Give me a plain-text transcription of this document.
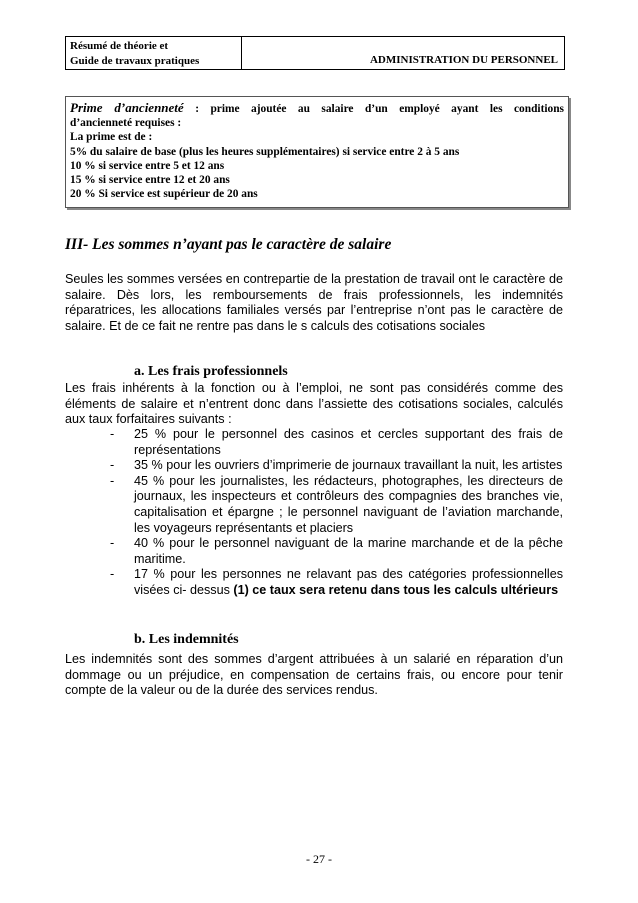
Résumé de théorie et
Guide de travaux pratiques	ADMINISTRATION DU PERSONNEL
Prime d’ancienneté : prime ajoutée au salaire d’un employé ayant les conditions
d’ancienneté requises :
La prime est de :
5% du salaire de base (plus les heures supplémentaires) si service entre 2 à 5 ans
10 % si service entre 5 et 12 ans
15 % si service entre 12 et 20 ans
20 % Si service est supérieur de 20 ans
III- Les sommes n’ayant pas le caractère de salaire

Seules les sommes versées en contrepartie de la prestation de travail ont le caractère de salaire. Dès lors, les remboursements de frais professionnels, les indemnités réparatrices, les allocations familiales versés par l’entreprise n’ont pas le caractère de salaire. Et de ce fait ne rentre pas dans le s calculs des cotisations sociales

a. Les frais professionnels

Les frais inhérents à la fonction ou à l’emploi, ne sont pas considérés comme des éléments de salaire et n’entrent donc dans l’assiette des cotisations sociales, calculés aux taux forfaitaires suivants :

-	25 % pour le personnel des casinos et cercles supportant des frais de représentations
-	35 % pour les ouvriers d’imprimerie de journaux travaillant la nuit, les artistes
-	45 % pour les journalistes, les rédacteurs, photographes, les directeurs de journaux, les inspecteurs et contrôleurs des compagnies des branches vie, capitalisation et épargne ; le personnel naviguant de l’aviation marchande, les voyageurs représentants et placiers
-	40 % pour le personnel naviguant de la marine marchande et de la pêche maritime.
-	17 % pour les personnes ne relavant pas des catégories professionnelles visées ci- dessus (1) ce taux sera retenu dans tous les calculs ultérieurs
b. Les indemnités

Les indemnités sont des sommes d’argent attribuées à un salarié en réparation d’un dommage ou un préjudice, en compensation de certains frais, ou encore pour tenir compte de la valeur ou de la durée des services rendus.

- 27 -
